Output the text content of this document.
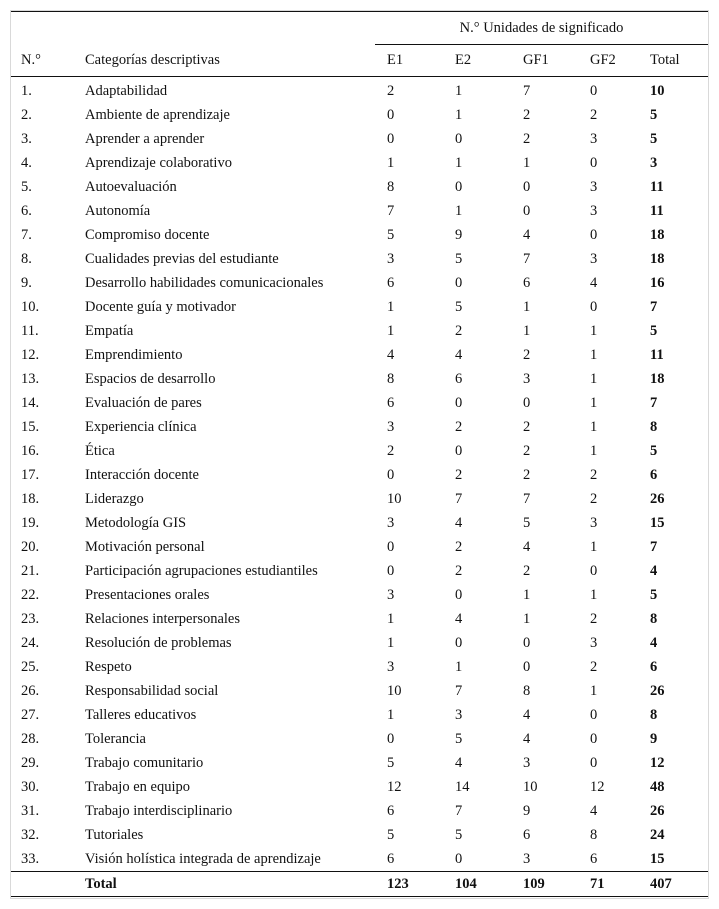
		N.° Unidades de significado				
N.°	Categorías descriptivas	E1	E2	GF1	GF2	Total
1.	Adaptabilidad	2	1	7	0	10
2.	Ambiente de aprendizaje	0	1	2	2	5
3.	Aprender a aprender	0	0	2	3	5
4.	Aprendizaje colaborativo	1	1	1	0	3
5.	Autoevaluación	8	0	0	3	11
6.	Autonomía	7	1	0	3	11
7.	Compromiso docente	5	9	4	0	18
8.	Cualidades previas del estudiante	3	5	7	3	18
9.	Desarrollo habilidades comunicacionales	6	0	6	4	16
10.	Docente guía y motivador	1	5	1	0	7
11.	Empatía	1	2	1	1	5
12.	Emprendimiento	4	4	2	1	11
13.	Espacios de desarrollo	8	6	3	1	18
14.	Evaluación de pares	6	0	0	1	7
15.	Experiencia clínica	3	2	2	1	8
16.	Ética	2	0	2	1	5
17.	Interacción docente	0	2	2	2	6
18.	Liderazgo	10	7	7	2	26
19.	Metodología GIS	3	4	5	3	15
20.	Motivación personal	0	2	4	1	7
21.	Participación agrupaciones estudiantiles	0	2	2	0	4
22.	Presentaciones orales	3	0	1	1	5
23.	Relaciones interpersonales	1	4	1	2	8
24.	Resolución de problemas	1	0	0	3	4
25.	Respeto	3	1	0	2	6
26.	Responsabilidad social	10	7	8	1	26
27.	Talleres educativos	1	3	4	0	8
28.	Tolerancia	0	5	4	0	9
29.	Trabajo comunitario	5	4	3	0	12
30.	Trabajo en equipo	12	14	10	12	48
31.	Trabajo interdisciplinario	6	7	9	4	26
32.	Tutoriales	5	5	6	8	24
33.	Visión holística integrada de aprendizaje	6	0	3	6	15
	Total	123	104	109	71	407
